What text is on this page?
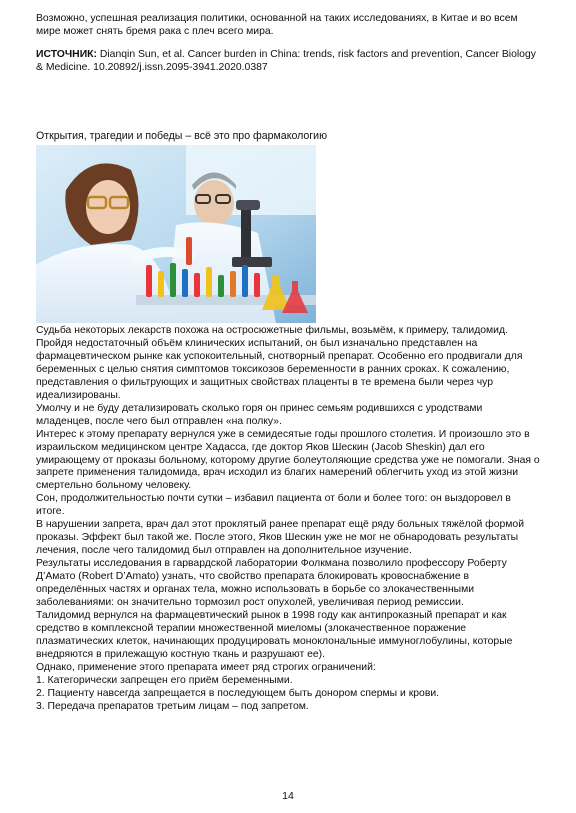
Возможно, успешная реализация политики, основанной на таких исследованиях, в Китае и во всем мире может снять бремя рака с плеч всего мира.

ИСТОЧНИК: Dianqin Sun, et al. Cancer burden in China: trends, risk factors and prevention, Cancer Biology & Medicine. 10.20892/j.issn.2095-3941.2020.0387

Открытия, трагедии и победы – всё это про фармакологию

Судьба некоторых лекарств похожа на остросюжетные фильмы, возьмём, к примеру, талидомид. Пройдя недостаточный объём клинических испытаний, он был изначально представлен на фармацевтическом рынке как успокоительный, снотворный препарат. Особенно его продвигали для беременных с целью снятия симптомов токсикозов беременности в ранних сроках. К сожалению, представления о фильтрующих и защитных свойствах плаценты в те времена были через чур идеализированы.

Умолчу и не буду детализировать сколько горя он принес семьям родившихся с уродствами младенцев, после чего был отправлен «на полку».

Интерес к этому препарату вернулся уже в семидесятые годы прошлого столетия. И произошло это в израильском медицинском центре Хадасса, где доктор Яков Шескин (Jacob Sheskin) дал его умирающему от проказы больному, которому другие болеутоляющие средства уже не помогали. Зная о запрете применения талидомида, врач исходил из благих намерений облегчить уход из этой жизни смертельно больному человеку.

Сон, продолжительностью почти сутки – избавил пациента от боли и более того: он выздоровел в итоге.

В нарушении запрета, врач дал этот проклятый ранее препарат ещё ряду больных тяжёлой формой проказы. Эффект был такой же. После этого, Яков Шескин уже не мог не обнародовать результаты лечения, после чего талидомид был отправлен на дополнительное изучение.

Результаты исследования в гарвардской лаборатории Фолкмана позволило профессору Роберту Д’Амато (Robert D’Amato) узнать, что свойство препарата блокировать кровоснабжение в определённых частях и органах тела, можно использовать в борьбе со злокачественными заболеваниями: он значительно тормозил рост опухолей, увеличивая период ремиссии.

Талидомид вернулся на фармацевтический рынок в 1998 году как антипроказный препарат и как средство в комплексной терапии множественной миеломы (злокачественное поражение плазматических клеток, начинающих продуцировать моноклональные иммуноглобулины, которые внедряются в прилежащую костную ткань и разрушают ее).

Однако, применение этого препарата имеет ряд строгих ограничений:

1. Категорически запрещен его приём беременными.

2. Пациенту навсегда запрещается в последующем быть донором спермы и крови.

3. Передача препаратов третьим лицам – под запретом.

14
